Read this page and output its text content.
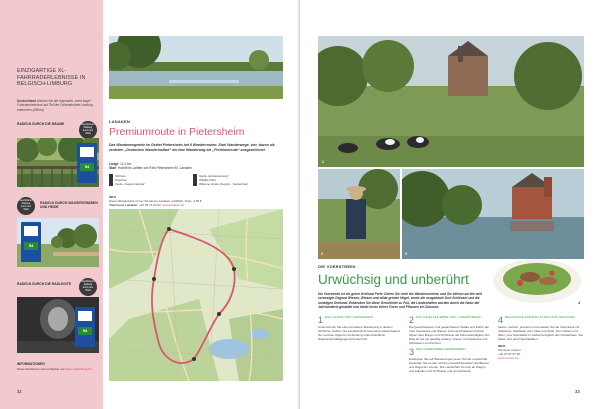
EINZIGARTIGE XL-FAHRRADERLEBNISSE IN BELGISCH-LIMBURG
Deutschland können Sie die folgenden „extra large“ Fahrraderlebnisse auf Teil der Fahrradrouten Limburg entdecken (Ziffern)
RADELN DURCH DIE BÄUME	Beschilderter Radweg durch den Wald
54
Beschilderter Radweg durch den Wald
RADELN DURCH WASSERGRÄBEN UND HEIDE
54
RADELN DURCH DIE RADLEISTE	Beschilderter Radweg durch den Wald
54
INFORMATIONEN
Diese Erlebnisse sind verfügbar auf www.visitlimburg.be
32
LANAKEN
Premiumroute in Pietersheim
Das Wanderwegenetz im Gebiet Pietersheim hat 9 Wanderrouten. Zwei Wanderwege, vier, davon als zentraler „Deutsches Wanderinstitut“ als eine Wanderweg als „Premiumroute“ ausgezeichnet.
Länge 11,4 km
Start Hotel/Info Lafitten am Park Pietersheim 90, Lanaken
Schloss
Streichel
Verde „Augenmaterial"
Verde „Entdeckerweg"
Wildlife Path
Wabene Hinde (August - September)
INFO
Diese Wanderkarte ist bei Tourismus Lanaken erhältlich, Preis: 2,50 €
Tourismus Lanaken: +32 89 72 24 67, www.lanaken.be
1
2	3
DIE VOERSTREEK
Urwüchsig und unberührt
Die Voerstreek ist ein grüne Dreiland Perle. Gehen Sie reich die Wanderschirme, und Sie blicken auf die weit verzweigte Gegend Wiesen, Wiesen und wilde grünen Hügel, sowie die neugebaute Dorf Schlösser und die sonstigen Denkmal. Entdecken Sie diese Geschichte zu Fuß, die Landschaften wurden durch die Natur der Jahrhunderte gestaltet und bietet heute vielen Tieren und Pflanzen ein Zuhause.
4
1 DIE LANDSCHAFT GENIESSEN
Unternehmen Sie eine erholsame Wanderung in diesem herrlichen Gebiet. Die Landschaft ist besonders abwechselnd. Der sechste Hügel ist Verbindung unterschiedliche Naturlandschaftsgegend Pendeln hin.
2 KULTURELLES ERBE UND „VOERSTREEK“
Die geschlossenen und gewachsenen Städte und Dörfer der Voer Voerstreek und Wiesen sind verschiedenen Ruinen folgen oder Burgen und Schlösser als Sehenswürdigkeit. Ein Weg ist wie ein gesellig entlang. Voeren mit Kulturerbe und Schlössern und Kirchen.
4 REGIONALE SPEZIALITÄTEN UND GENÜSSE
Sehen, riechen, probieren und erleben Sie die Voerstreek mit Apfelsirup, Weißwein oder Käse und Äpfel. Zum Gärten und Wein, eine Spezialität im Gebiet bezüglich des Obstanbaus. Sie halten dort auch Spezialitäten.
INFO
Toerisme Voeren
+32 47 67 97 36
www.voeren.be
3 DEN VOERSTREEK ERWANDERN
Entdecken Sie auf Wanderungen einen Teil der Landschaft. Genießen Sie an den schönen Aussichtspunkten die Bäume und Hügel der Voeren. Die Landschaft ist reich an Wegen und Kapellen und Schlösser und an Fachwerk.
33
